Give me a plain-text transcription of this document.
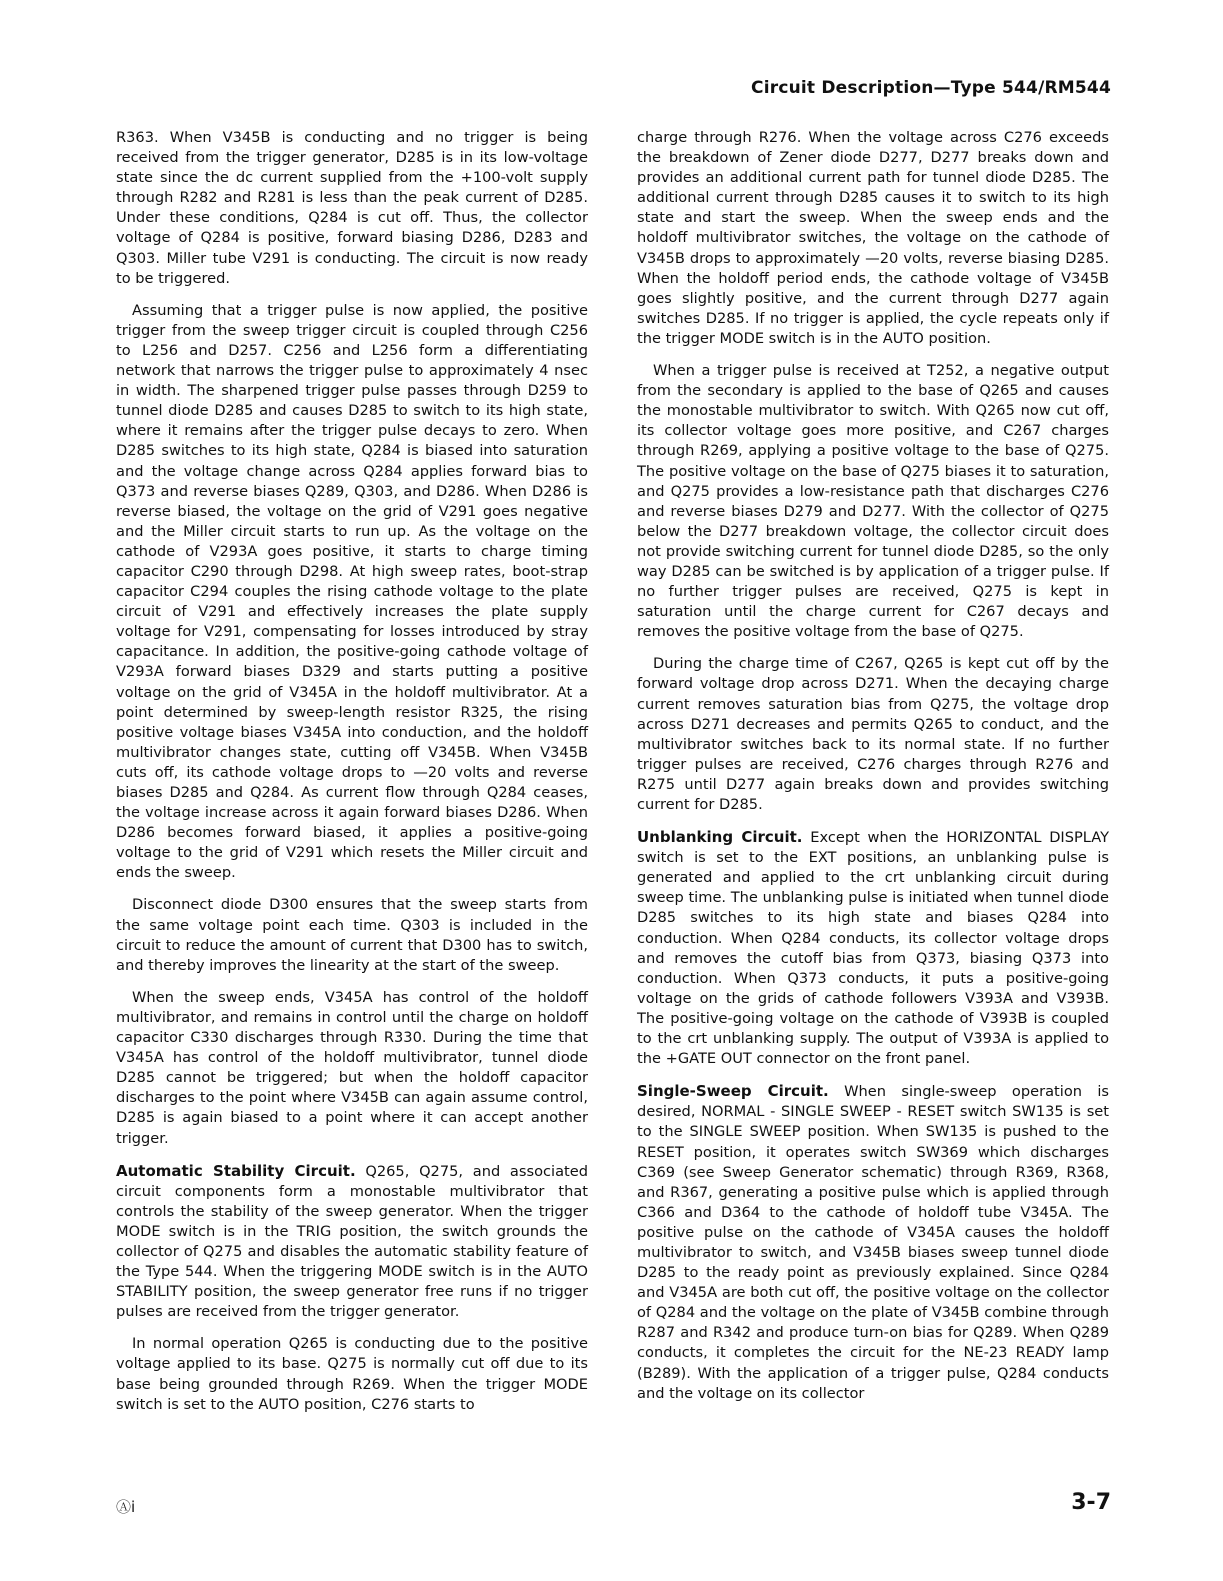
Circuit Description—Type 544/RM544

R363. When V345B is conducting and no trigger is being received from the trigger generator, D285 is in its low-voltage state since the dc current supplied from the +100-volt supply through R282 and R281 is less than the peak current of D285. Under these conditions, Q284 is cut off. Thus, the collector voltage of Q284 is positive, forward biasing D286, D283 and Q303. Miller tube V291 is conducting. The circuit is now ready to be triggered.

Assuming that a trigger pulse is now applied, the positive trigger from the sweep trigger circuit is coupled through C256 to L256 and D257. C256 and L256 form a differentiating network that narrows the trigger pulse to approximately 4 nsec in width. The sharpened trigger pulse passes through D259 to tunnel diode D285 and causes D285 to switch to its high state, where it remains after the trigger pulse decays to zero. When D285 switches to its high state, Q284 is biased into saturation and the voltage change across Q284 applies forward bias to Q373 and reverse biases Q289, Q303, and D286. When D286 is reverse biased, the voltage on the grid of V291 goes negative and the Miller circuit starts to run up. As the voltage on the cathode of V293A goes positive, it starts to charge timing capacitor C290 through D298. At high sweep rates, boot-strap capacitor C294 couples the rising cathode voltage to the plate circuit of V291 and effectively increases the plate supply voltage for V291, compensating for losses introduced by stray capacitance. In addition, the positive-going cathode voltage of V293A forward biases D329 and starts putting a positive voltage on the grid of V345A in the holdoff multivibrator. At a point determined by sweep-length resistor R325, the rising positive voltage biases V345A into conduction, and the holdoff multivibrator changes state, cutting off V345B. When V345B cuts off, its cathode voltage drops to —20 volts and reverse biases D285 and Q284. As current flow through Q284 ceases, the voltage increase across it again forward biases D286. When D286 becomes forward biased, it applies a positive-going voltage to the grid of V291 which resets the Miller circuit and ends the sweep.

Disconnect diode D300 ensures that the sweep starts from the same voltage point each time. Q303 is included in the circuit to reduce the amount of current that D300 has to switch, and thereby improves the linearity at the start of the sweep.

When the sweep ends, V345A has control of the holdoff multivibrator, and remains in control until the charge on holdoff capacitor C330 discharges through R330. During the time that V345A has control of the holdoff multivibrator, tunnel diode D285 cannot be triggered; but when the holdoff capacitor discharges to the point where V345B can again assume control, D285 is again biased to a point where it can accept another trigger.

Automatic Stability Circuit. Q265, Q275, and associated circuit components form a monostable multivibrator that controls the stability of the sweep generator. When the trigger MODE switch is in the TRIG position, the switch grounds the collector of Q275 and disables the automatic stability feature of the Type 544. When the triggering MODE switch is in the AUTO STABILITY position, the sweep generator free runs if no trigger pulses are received from the trigger generator.

In normal operation Q265 is conducting due to the positive voltage applied to its base. Q275 is normally cut off due to its base being grounded through R269. When the trigger MODE switch is set to the AUTO position, C276 starts to

charge through R276. When the voltage across C276 exceeds the breakdown of Zener diode D277, D277 breaks down and provides an additional current path for tunnel diode D285. The additional current through D285 causes it to switch to its high state and start the sweep. When the sweep ends and the holdoff multivibrator switches, the voltage on the cathode of V345B drops to approximately —20 volts, reverse biasing D285. When the holdoff period ends, the cathode voltage of V345B goes slightly positive, and the current through D277 again switches D285. If no trigger is applied, the cycle repeats only if the trigger MODE switch is in the AUTO position.

When a trigger pulse is received at T252, a negative output from the secondary is applied to the base of Q265 and causes the monostable multivibrator to switch. With Q265 now cut off, its collector voltage goes more positive, and C267 charges through R269, applying a positive voltage to the base of Q275. The positive voltage on the base of Q275 biases it to saturation, and Q275 provides a low-resistance path that discharges C276 and reverse biases D279 and D277. With the collector of Q275 below the D277 breakdown voltage, the collector circuit does not provide switching current for tunnel diode D285, so the only way D285 can be switched is by application of a trigger pulse. If no further trigger pulses are received, Q275 is kept in saturation until the charge current for C267 decays and removes the positive voltage from the base of Q275.

During the charge time of C267, Q265 is kept cut off by the forward voltage drop across D271. When the decaying charge current removes saturation bias from Q275, the voltage drop across D271 decreases and permits Q265 to conduct, and the multivibrator switches back to its normal state. If no further trigger pulses are received, C276 charges through R276 and R275 until D277 again breaks down and provides switching current for D285.

Unblanking Circuit. Except when the HORIZONTAL DISPLAY switch is set to the EXT positions, an unblanking pulse is generated and applied to the crt unblanking circuit during sweep time. The unblanking pulse is initiated when tunnel diode D285 switches to its high state and biases Q284 into conduction. When Q284 conducts, its collector voltage drops and removes the cutoff bias from Q373, biasing Q373 into conduction. When Q373 conducts, it puts a positive-going voltage on the grids of cathode followers V393A and V393B. The positive-going voltage on the cathode of V393B is coupled to the crt unblanking supply. The output of V393A is applied to the +GATE OUT connector on the front panel.

Single-Sweep Circuit. When single-sweep operation is desired, NORMAL - SINGLE SWEEP - RESET switch SW135 is set to the SINGLE SWEEP position. When SW135 is pushed to the RESET position, it operates switch SW369 which discharges C369 (see Sweep Generator schematic) through R369, R368, and R367, generating a positive pulse which is applied through C366 and D364 to the cathode of holdoff tube V345A. The positive pulse on the cathode of V345A causes the holdoff multivibrator to switch, and V345B biases sweep tunnel diode D285 to the ready point as previously explained. Since Q284 and V345A are both cut off, the positive voltage on the collector of Q284 and the voltage on the plate of V345B combine through R287 and R342 and produce turn-on bias for Q289. When Q289 conducts, it completes the circuit for the NE-23 READY lamp (B289). With the application of a trigger pulse, Q284 conducts and the voltage on its collector

Ⓐi	3-7
